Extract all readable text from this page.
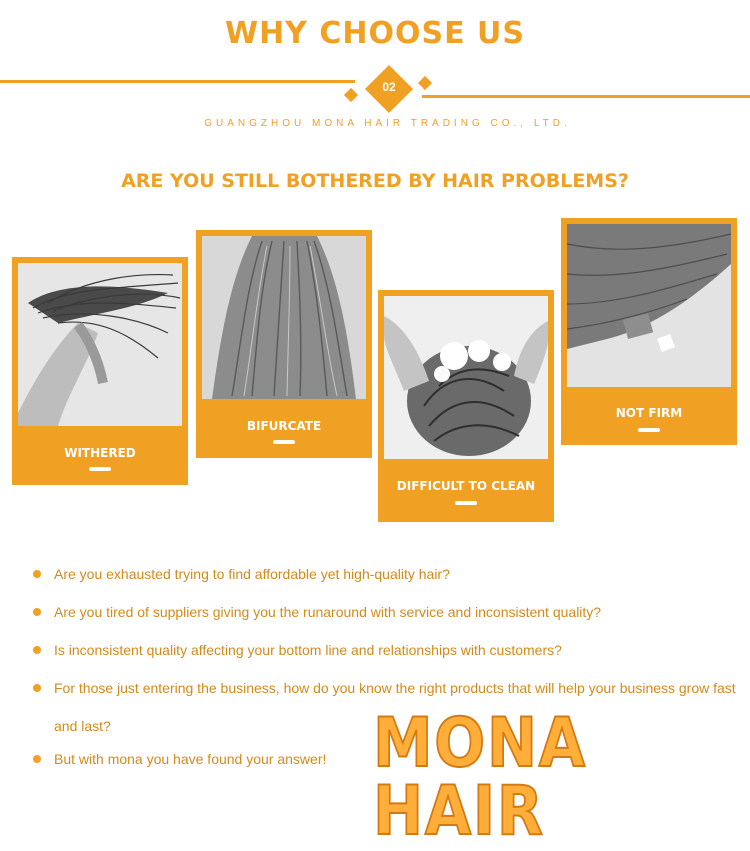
WHY CHOOSE US
02
GUANGZHOU MONA HAIR TRADING CO., LTD.
ARE YOU STILL BOTHERED BY HAIR PROBLEMS?
WITHERED
BIFURCATE
DIFFICULT TO CLEAN
NOT FIRM
Are you exhausted trying to find affordable yet high-quality hair?
Are you tired of suppliers giving you the runaround with service and inconsistent quality?
Is inconsistent quality affecting your bottom line and relationships with customers?
For those just entering the business, how do you know the right products that will help your business grow fast and last?
But with mona you have found your answer! MONA HAIR
